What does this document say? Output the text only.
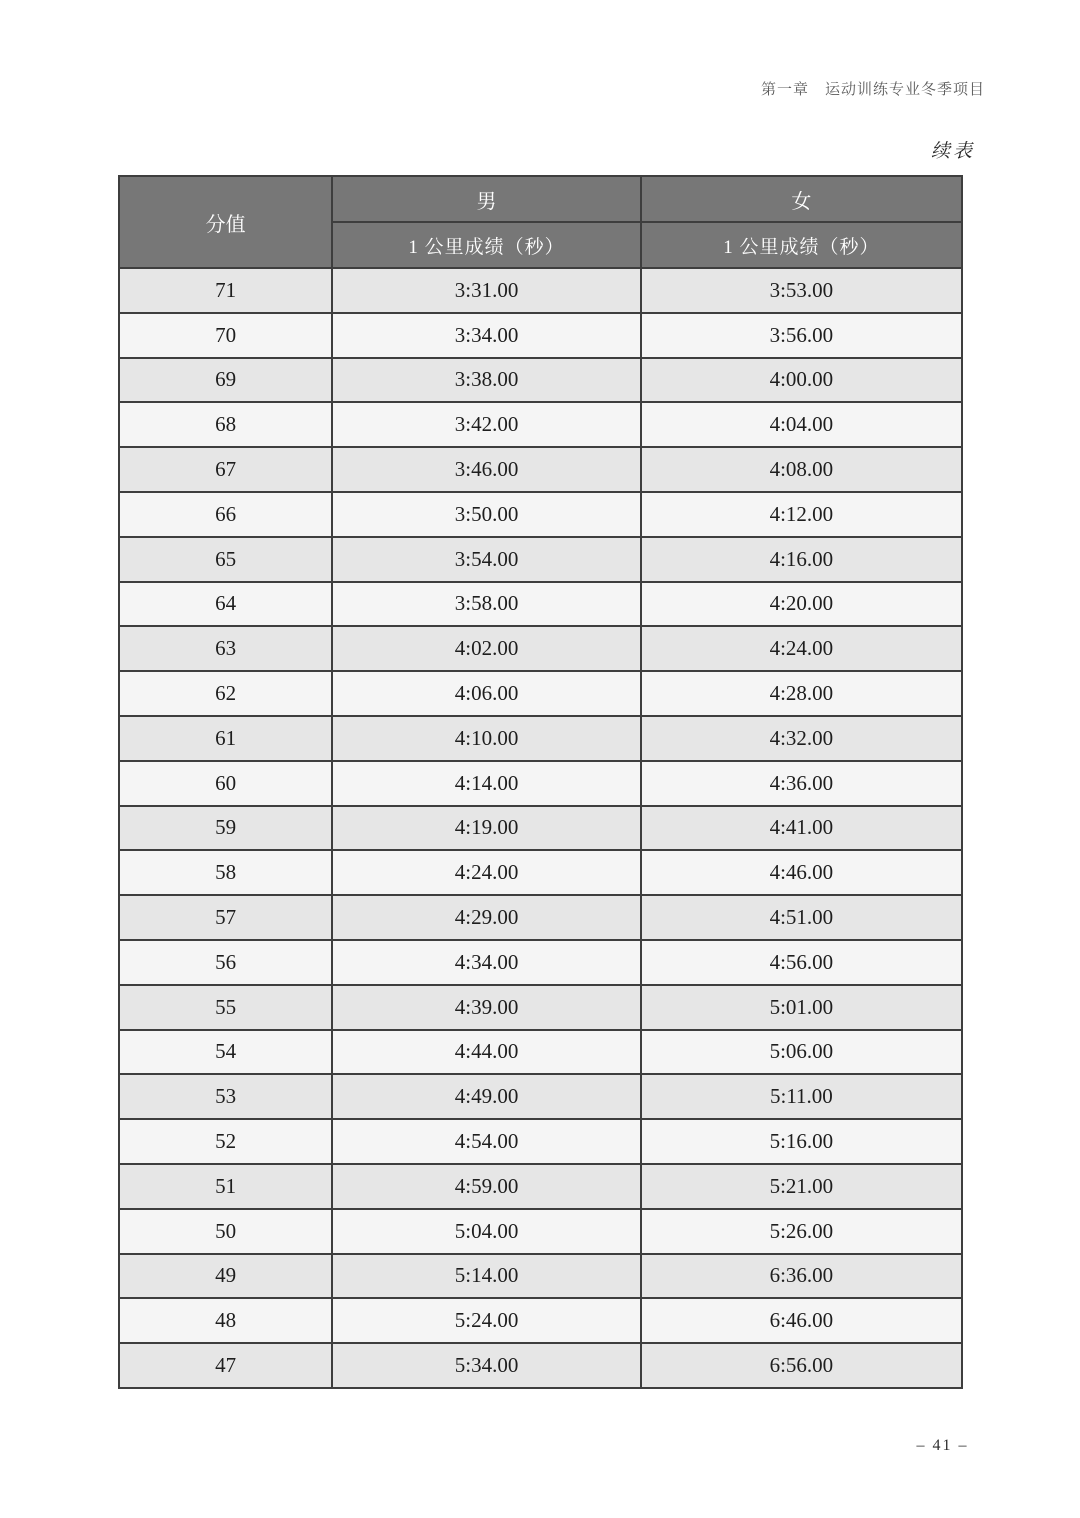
第一章　运动训练专业冬季项目
续表
分值	男	女
	1 公里成绩（秒）	1 公里成绩（秒）
71	3:31.00	3:53.00
70	3:34.00	3:56.00
69	3:38.00	4:00.00
68	3:42.00	4:04.00
67	3:46.00	4:08.00
66	3:50.00	4:12.00
65	3:54.00	4:16.00
64	3:58.00	4:20.00
63	4:02.00	4:24.00
62	4:06.00	4:28.00
61	4:10.00	4:32.00
60	4:14.00	4:36.00
59	4:19.00	4:41.00
58	4:24.00	4:46.00
57	4:29.00	4:51.00
56	4:34.00	4:56.00
55	4:39.00	5:01.00
54	4:44.00	5:06.00
53	4:49.00	5:11.00
52	4:54.00	5:16.00
51	4:59.00	5:21.00
50	5:04.00	5:26.00
49	5:14.00	6:36.00
48	5:24.00	6:46.00
47	5:34.00	6:56.00
– 41 –
